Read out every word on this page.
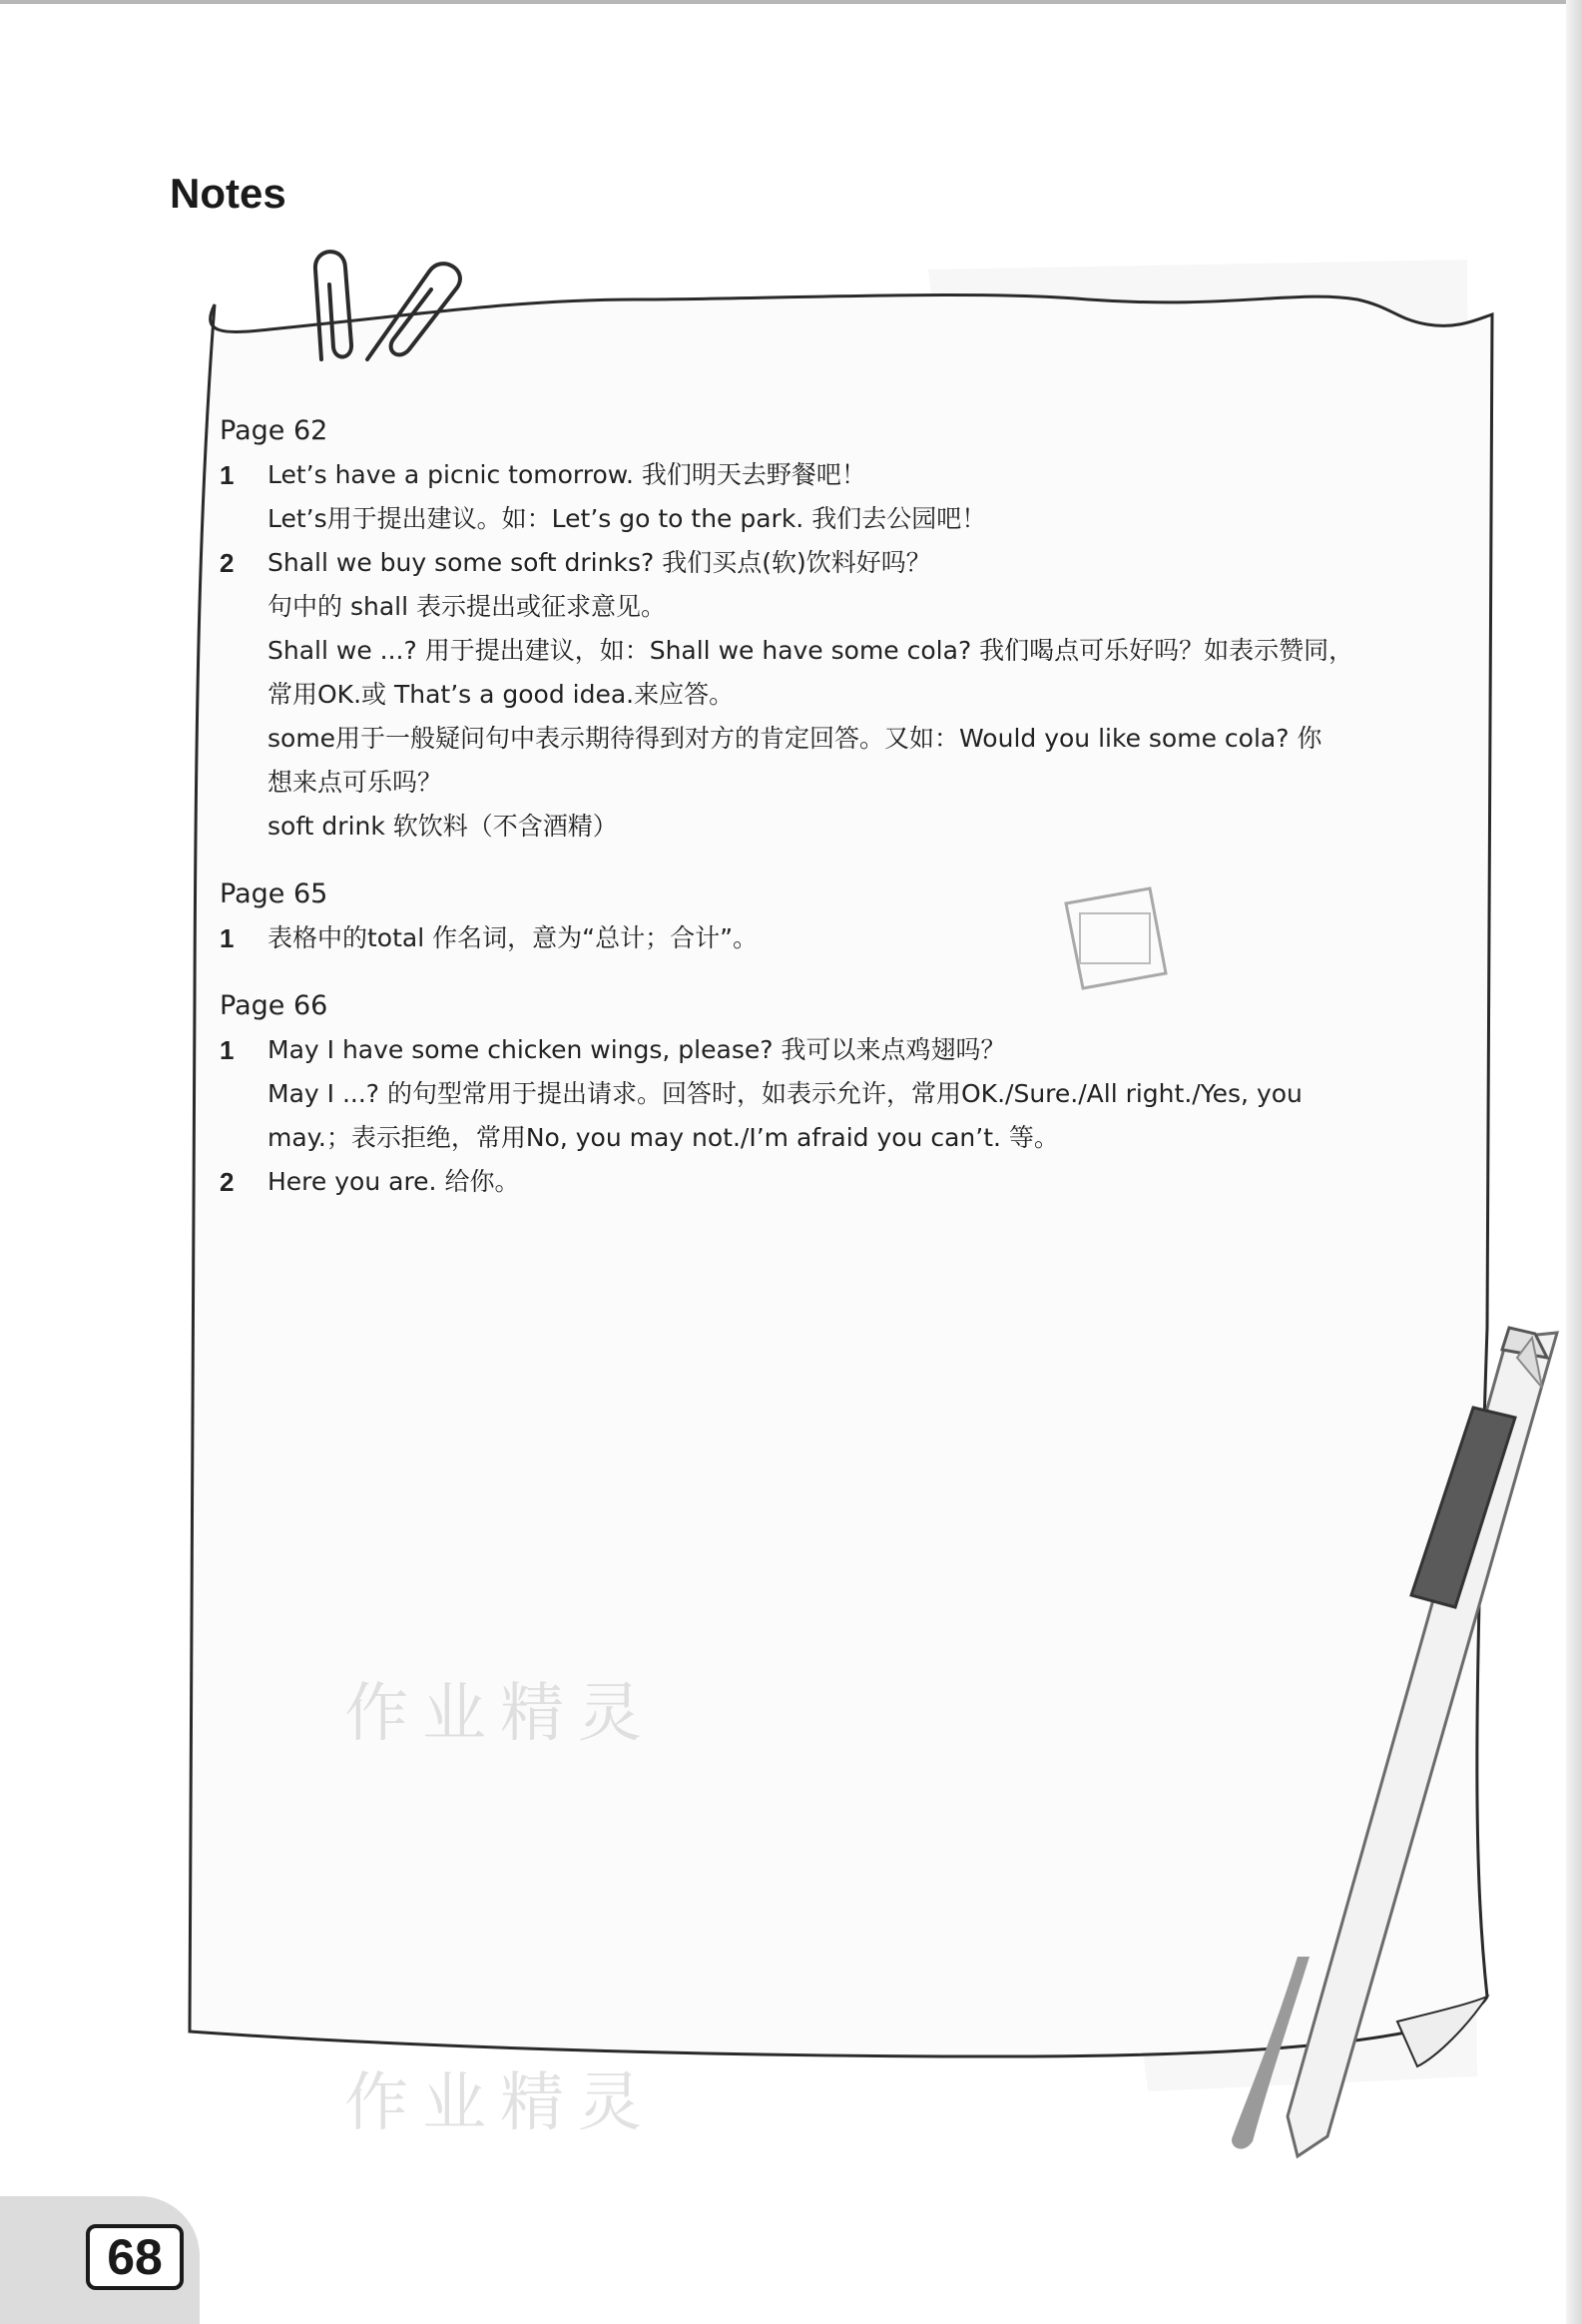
Notes

Page 62

1 Let’s have a picnic tomorrow. 我们明天去野餐吧！

Let’s用于提出建议。如：Let’s go to the park. 我们去公园吧！

2 Shall we buy some soft drinks? 我们买点(软)饮料好吗？

句中的 shall 表示提出或征求意见。

Shall we ...? 用于提出建议，如：Shall we have some cola? 我们喝点可乐好吗？如表示赞同，

常用OK.或 That’s a good idea.来应答。

some用于一般疑问句中表示期待得到对方的肯定回答。又如：Would you like some cola? 你

想来点可乐吗？

soft drink 软饮料（不含酒精）

Page 65

1 表格中的total 作名词，意为“总计；合计”。

Page 66

1 May I have some chicken wings, please? 我可以来点鸡翅吗？

May I ...? 的句型常用于提出请求。回答时，如表示允许，常用OK./Sure./All right./Yes, you

may.；表示拒绝，常用No, you may not./I’m afraid you can’t. 等。

2 Here you are. 给你。

作业精灵
作业精灵
68
